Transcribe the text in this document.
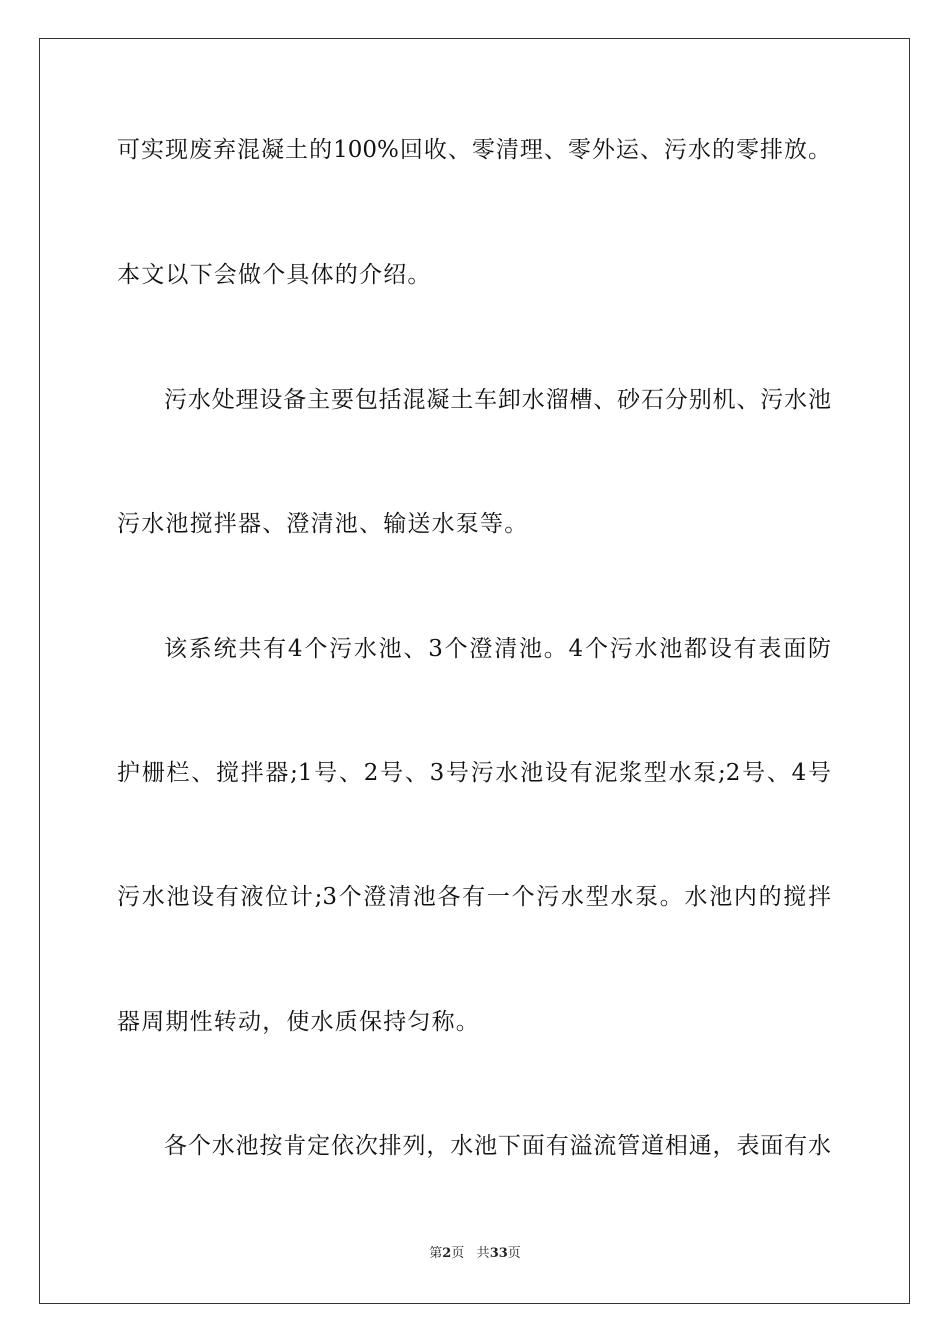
可实现废弃混凝土的100%回收、零清理、零外运、污水的零排放。

本文以下会做个具体的介绍。

污水处理设备主要包括混凝土车卸水溜槽、砂石分别机、污水池

污水池搅拌器、澄清池、输送水泵等。

该系统共有4个污水池、3个澄清池。4个污水池都设有表面防

护栅栏、搅拌器;1号、2号、3号污水池设有泥浆型水泵;2号、4号

污水池设有液位计;3个澄清池各有一个污水型水泵。水池内的搅拌

器周期性转动，使水质保持匀称。

各个水池按肯定依次排列，水池下面有溢流管道相通，表面有水

第2页 共33页
